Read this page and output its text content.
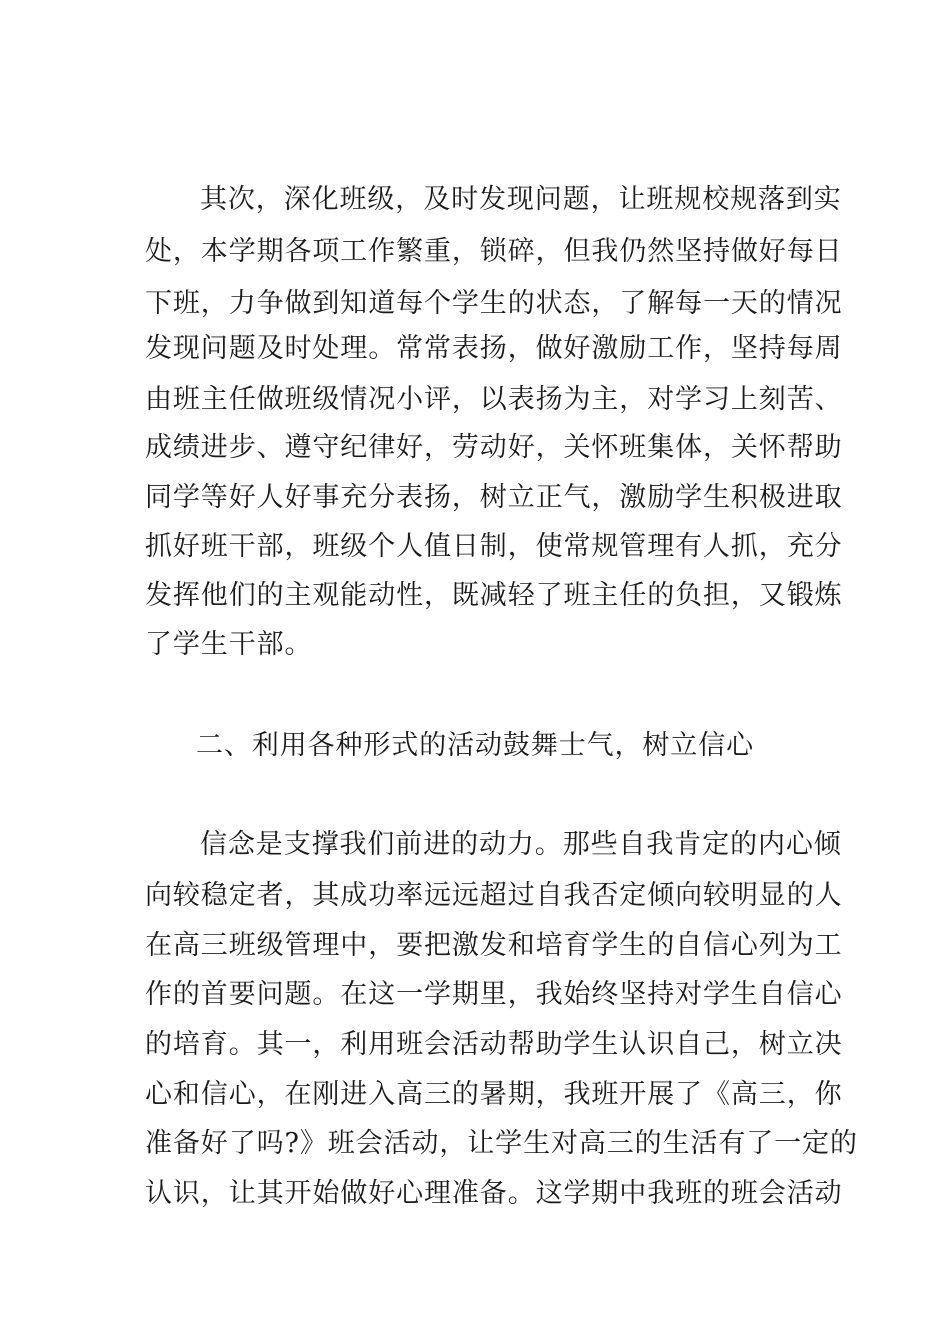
其次，深化班级，及时发现问题，让班规校规落到实

处，本学期各项工作繁重，锁碎，但我仍然坚持做好每日

下班，力争做到知道每个学生的状态，了解每一天的情况

发现问题及时处理。常常表扬，做好激励工作，坚持每周

由班主任做班级情况小评，以表扬为主，对学习上刻苦、

成绩进步、遵守纪律好，劳动好，关怀班集体，关怀帮助

同学等好人好事充分表扬，树立正气，激励学生积极进取

抓好班干部，班级个人值日制，使常规管理有人抓，充分

发挥他们的主观能动性，既减轻了班主任的负担，又锻炼

了学生干部。

二、利用各种形式的活动鼓舞士气，树立信心

信念是支撑我们前进的动力。那些自我肯定的内心倾

向较稳定者，其成功率远远超过自我否定倾向较明显的人

在高三班级管理中，要把激发和培育学生的自信心列为工

作的首要问题。在这一学期里，我始终坚持对学生自信心

的培育。其一，利用班会活动帮助学生认识自己，树立决

心和信心，在刚进入高三的暑期，我班开展了《高三，你

准备好了吗?》班会活动，让学生对高三的生活有了一定的

认识，让其开始做好心理准备。这学期中我班的班会活动
